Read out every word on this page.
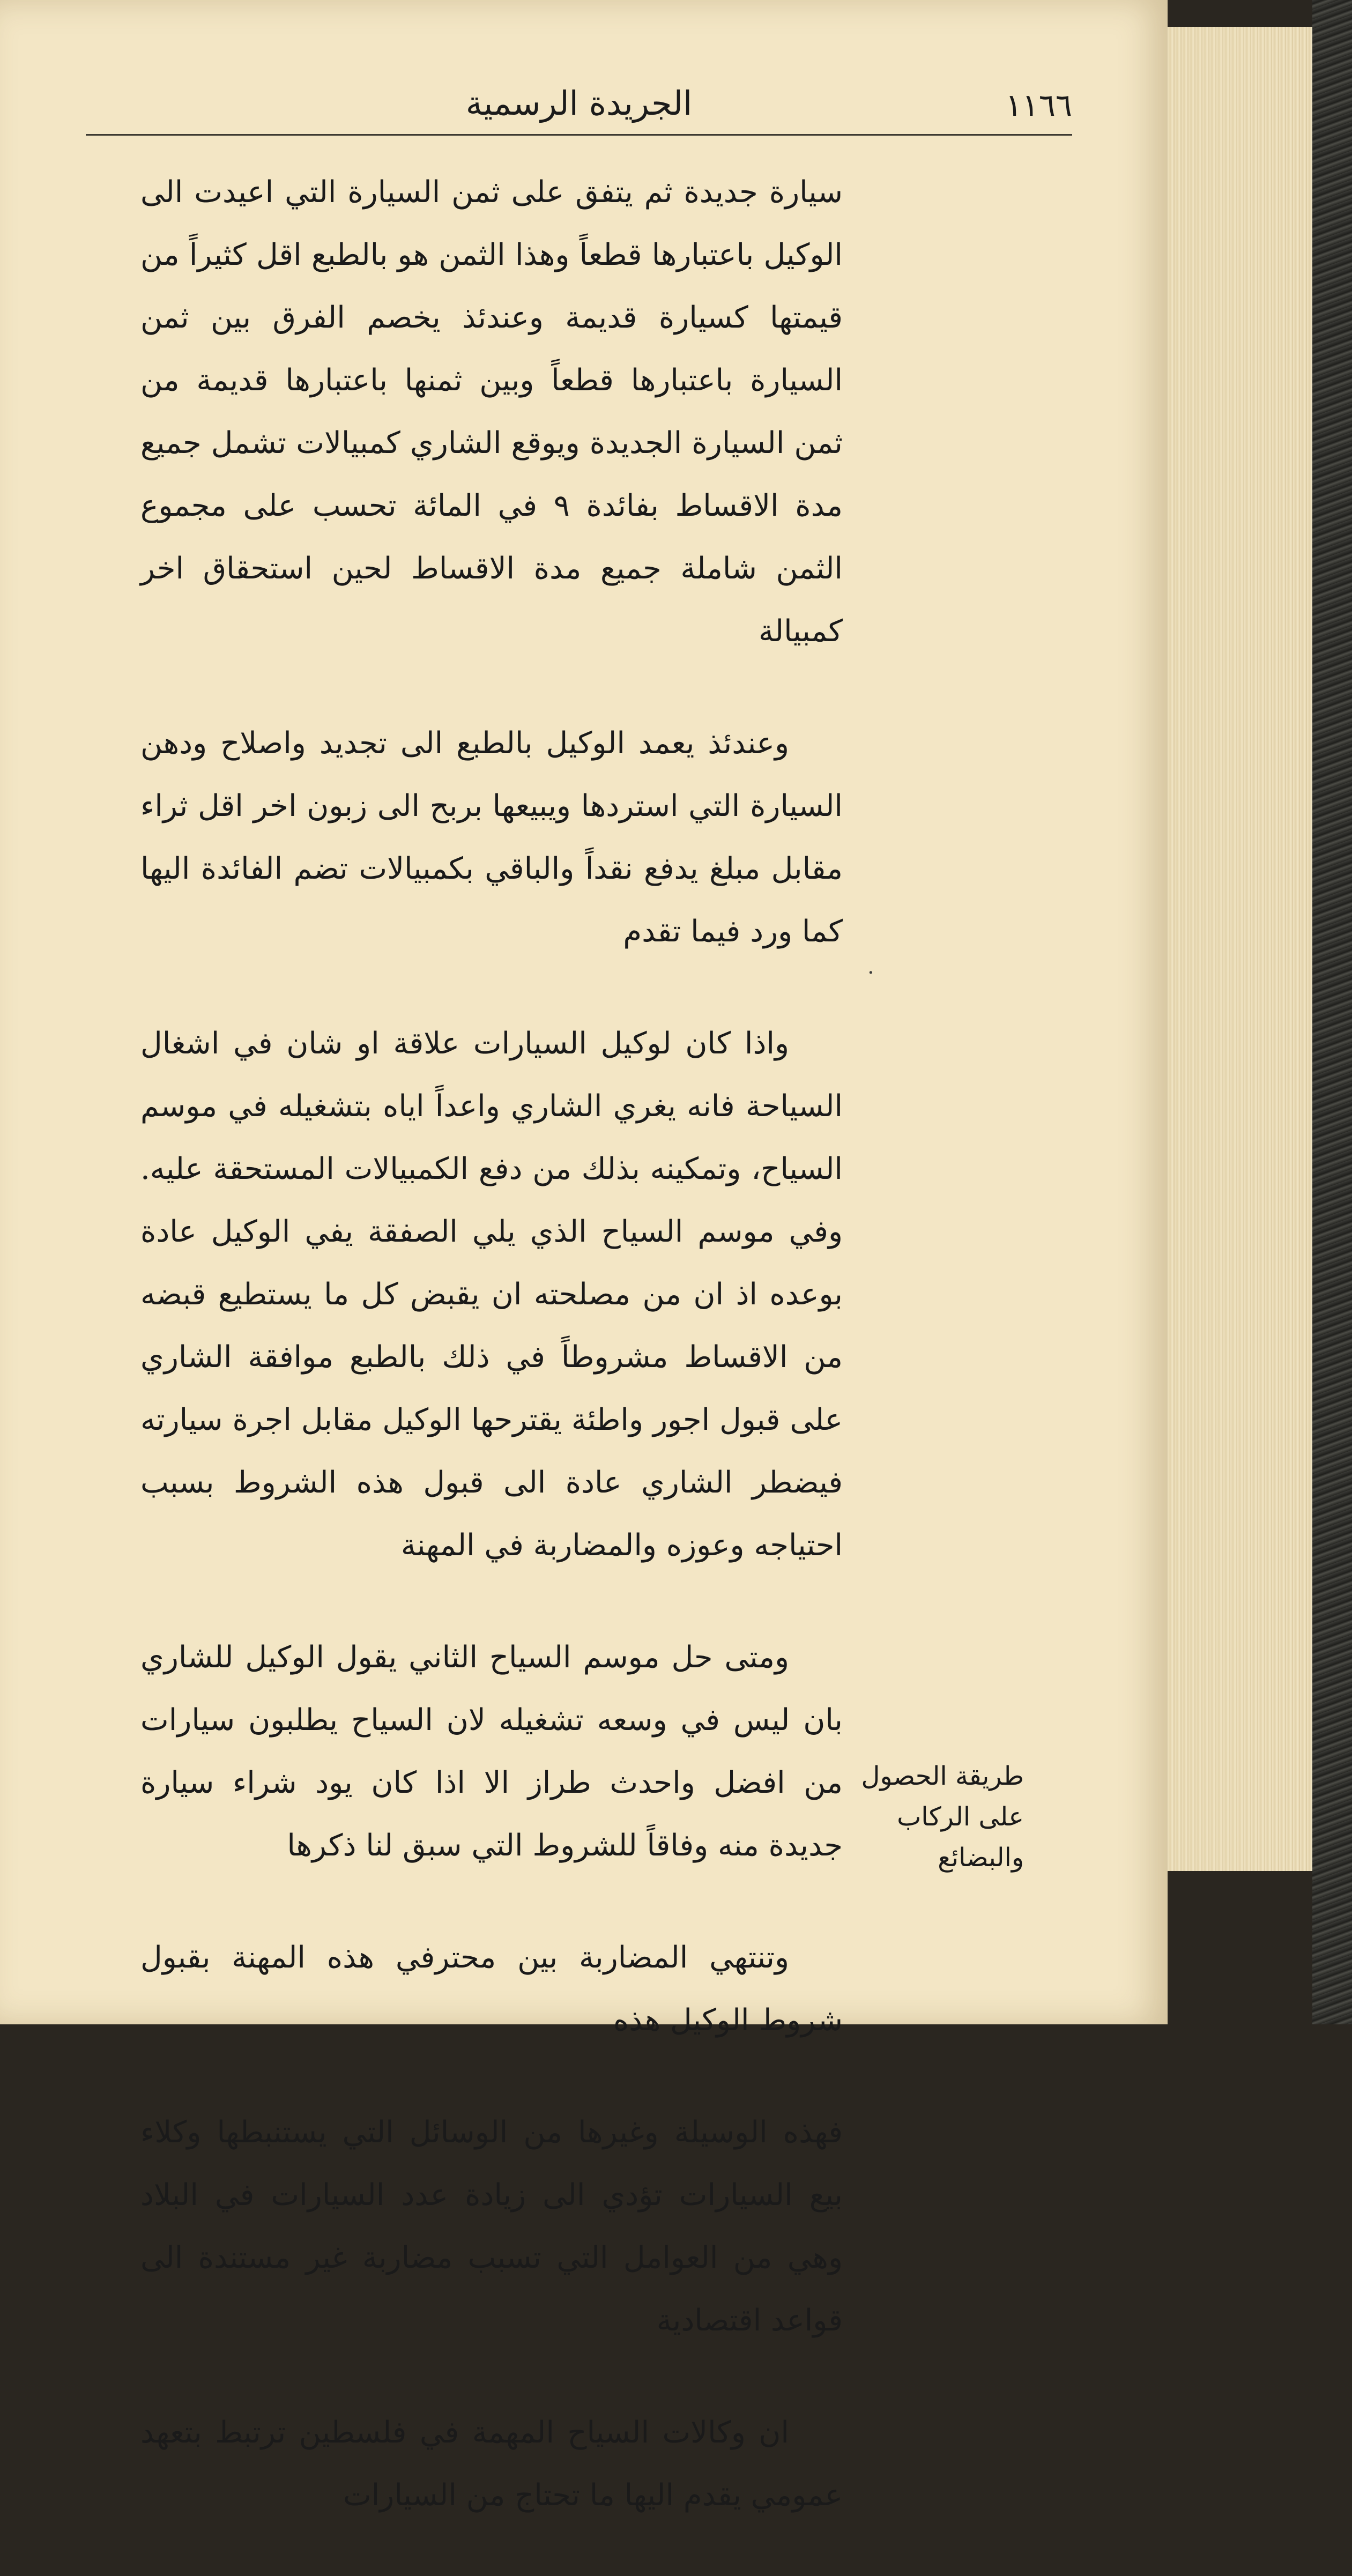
١١٦٦
الجريدة الرسمية

سيارة جديدة ثم يتفق على ثمن السيارة التي اعيدت الى الوكيل باعتبارها قطعاً وهذا الثمن هو بالطبع اقل كثيراً من قيمتها كسيارة قديمة وعندئذ يخصم الفرق بين ثمن السيارة باعتبارها قطعاً وبين ثمنها باعتبارها قديمة من ثمن السيارة الجديدة ويوقع الشاري كمبيالات تشمل جميع مدة الاقساط بفائدة ٩ في المائة تحسب على مجموع الثمن شاملة جميع مدة الاقساط لحين استحقاق اخر كمبيالة

وعندئذ يعمد الوكيل بالطبع الى تجديد واصلاح ودهن السيارة التي استردها ويبيعها بربح الى زبون اخر اقل ثراء مقابل مبلغ يدفع نقداً والباقي بكمبيالات تضم الفائدة اليها كما ورد فيما تقدم

واذا كان لوكيل السيارات علاقة او شان في اشغال السياحة فانه يغري الشاري واعداً اياه بتشغيله في موسم السياح، وتمكينه بذلك من دفع الكمبيالات المستحقة عليه. وفي موسم السياح الذي يلي الصفقة يفي الوكيل عادة بوعده اذ ان من مصلحته ان يقبض كل ما يستطيع قبضه من الاقساط مشروطاً في ذلك بالطبع موافقة الشاري على قبول اجور واطئة يقترحها الوكيل مقابل اجرة سيارته فيضطر الشاري عادة الى قبول هذه الشروط بسبب احتياجه وعوزه والمضاربة في المهنة

ومتى حل موسم السياح الثاني يقول الوكيل للشاري بان ليس في وسعه تشغيله لان السياح يطلبون سيارات من افضل واحدث طراز الا اذا كان يود شراء سيارة جديدة منه وفاقاً للشروط التي سبق لنا ذكرها

وتنتهي المضاربة بين محترفي هذه المهنة بقبول شروط الوكيل هذه

فهذه الوسيلة وغيرها من الوسائل التي يستنبطها وكلاء بيع السيارات تؤدي الى زيادة عدد السيارات في البلاد وهي من العوامل التي تسبب مضاربة غير مستندة الى قواعد اقتصادية

ان وكالات السياح المهمة في فلسطين ترتبط بتعهد عمومي يقدم اليها ما تحتاج من السيارات

طريقة الحصول على الركاب والبضائع
.
